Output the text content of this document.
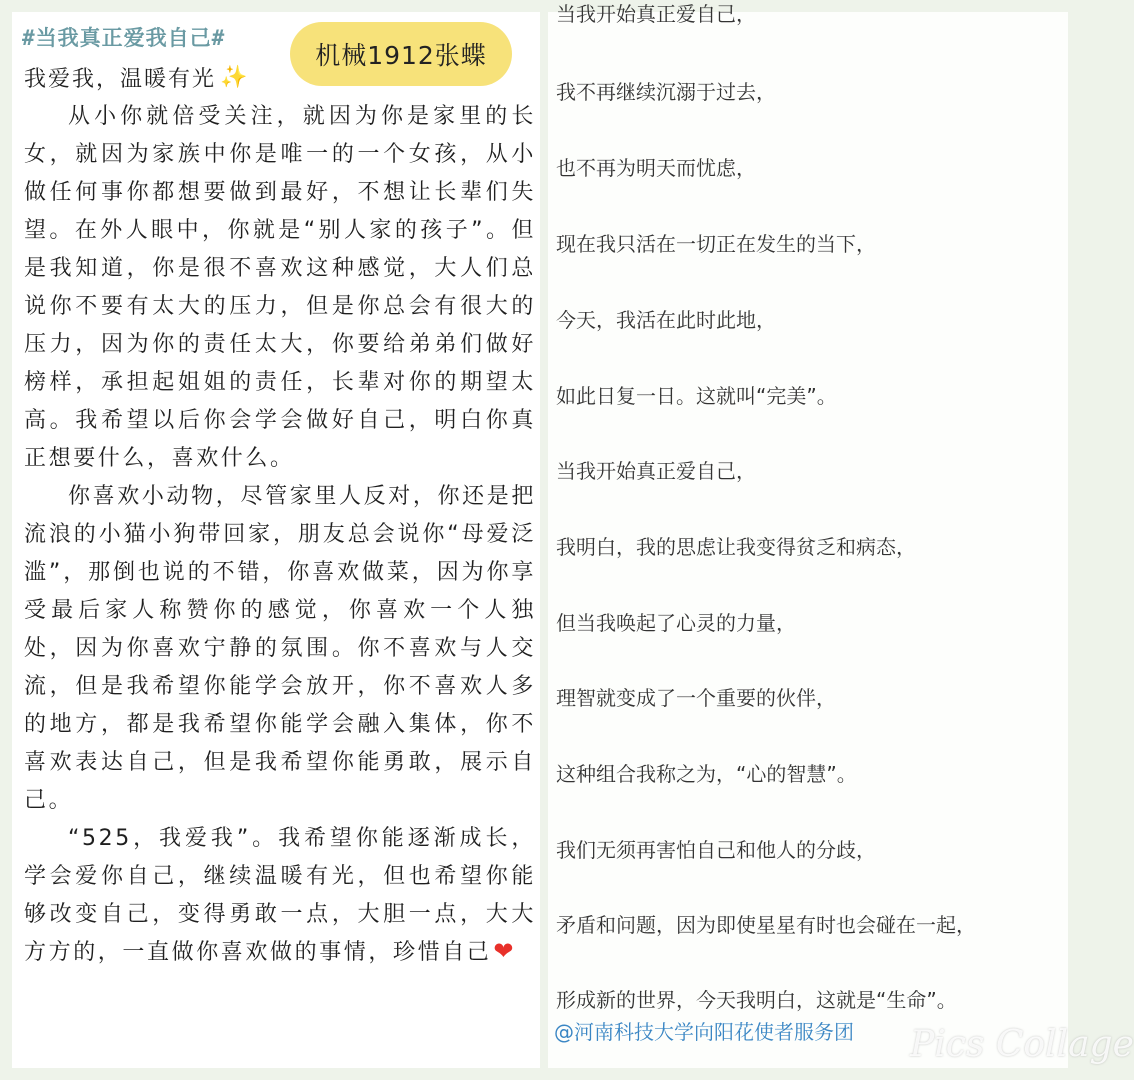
#当我真正爱我自己#
机械1912张蝶
我爱我，温暖有光 ✨

从小你就倍受关注，就因为你是家里的长女，就因为家族中你是唯一的一个女孩，从小做任何事你都想要做到最好，不想让长辈们失望。在外人眼中，你就是“别人家的孩子”。但是我知道，你是很不喜欢这种感觉，大人们总说你不要有太大的压力，但是你总会有很大的压力，因为你的责任太大，你要给弟弟们做好榜样，承担起姐姐的责任，长辈对你的期望太高。我希望以后你会学会做好自己，明白你真正想要什么，喜欢什么。

你喜欢小动物，尽管家里人反对，你还是把流浪的小猫小狗带回家，朋友总会说你“母爱泛滥”，那倒也说的不错，你喜欢做菜，因为你享受最后家人称赞你的感觉，你喜欢一个人独处，因为你喜欢宁静的氛围。你不喜欢与人交流，但是我希望你能学会放开，你不喜欢人多的地方，都是我希望你能学会融入集体，你不喜欢表达自己，但是我希望你能勇敢，展示自己。

“525，我爱我”。我希望你能逐渐成长，学会爱你自己，继续温暖有光，但也希望你能够改变自己，变得勇敢一点，大胆一点，大大方方的，一直做你喜欢做的事情，珍惜自己❤

当我开始真正爱自己，
我不再继续沉溺于过去，
也不再为明天而忧虑，
现在我只活在一切正在发生的当下，
今天，我活在此时此地，
如此日复一日。这就叫“完美”。
当我开始真正爱自己，
我明白，我的思虑让我变得贫乏和病态，
但当我唤起了心灵的力量，
理智就变成了一个重要的伙伴，
这种组合我称之为，“心的智慧”。
我们无须再害怕自己和他人的分歧，
矛盾和问题，因为即使星星有时也会碰在一起，
形成新的世界，今天我明白，这就是“生命”。
@河南科技大学向阳花使者服务团 Pics Collage
